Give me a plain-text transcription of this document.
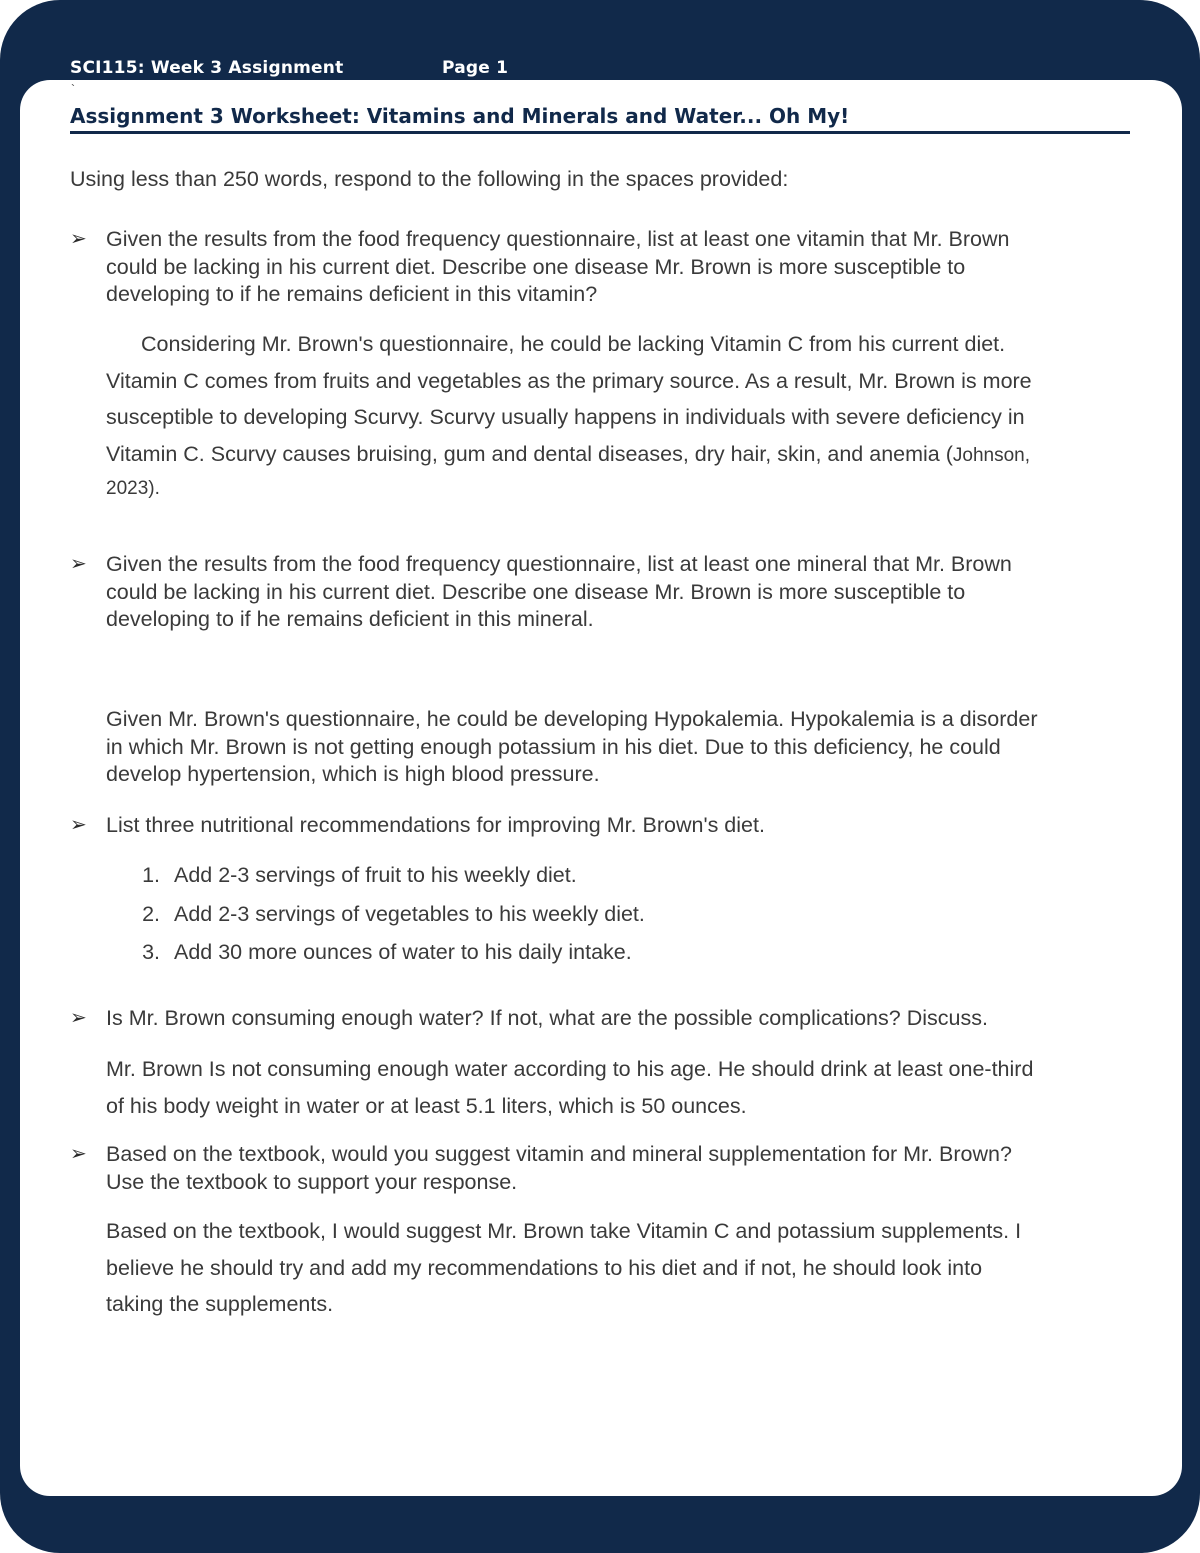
SCI115: Week 3 Assignment	Page 1
`
Assignment 3 Worksheet: Vitamins and Minerals and Water... Oh My!
Using less than 250 words, respond to the following in the spaces provided:
➢ Given the results from the food frequency questionnaire, list at least one vitamin that Mr. Brown
could be lacking in his current diet. Describe one disease Mr. Brown is more susceptible to
developing to if he remains deficient in this vitamin?
Considering Mr. Brown's questionnaire, he could be lacking Vitamin C from his current diet.
Vitamin C comes from fruits and vegetables as the primary source. As a result, Mr. Brown is more
susceptible to developing Scurvy. Scurvy usually happens in individuals with severe deficiency in
Vitamin C. Scurvy causes bruising, gum and dental diseases, dry hair, skin, and anemia (Johnson,
2023).
➢ Given the results from the food frequency questionnaire, list at least one mineral that Mr. Brown
could be lacking in his current diet. Describe one disease Mr. Brown is more susceptible to
developing to if he remains deficient in this mineral.
Given Mr. Brown's questionnaire, he could be developing Hypokalemia. Hypokalemia is a disorder
in which Mr. Brown is not getting enough potassium in his diet. Due to this deficiency, he could
develop hypertension, which is high blood pressure.
➢ List three nutritional recommendations for improving Mr. Brown's diet.
1. Add 2-3 servings of fruit to his weekly diet.
2. Add 2-3 servings of vegetables to his weekly diet.
3. Add 30 more ounces of water to his daily intake.
➢ Is Mr. Brown consuming enough water? If not, what are the possible complications? Discuss.
Mr. Brown Is not consuming enough water according to his age. He should drink at least one-third
of his body weight in water or at least 5.1 liters, which is 50 ounces.
➢ Based on the textbook, would you suggest vitamin and mineral supplementation for Mr. Brown?
Use the textbook to support your response.
Based on the textbook, I would suggest Mr. Brown take Vitamin C and potassium supplements. I
believe he should try and add my recommendations to his diet and if not, he should look into
taking the supplements.
